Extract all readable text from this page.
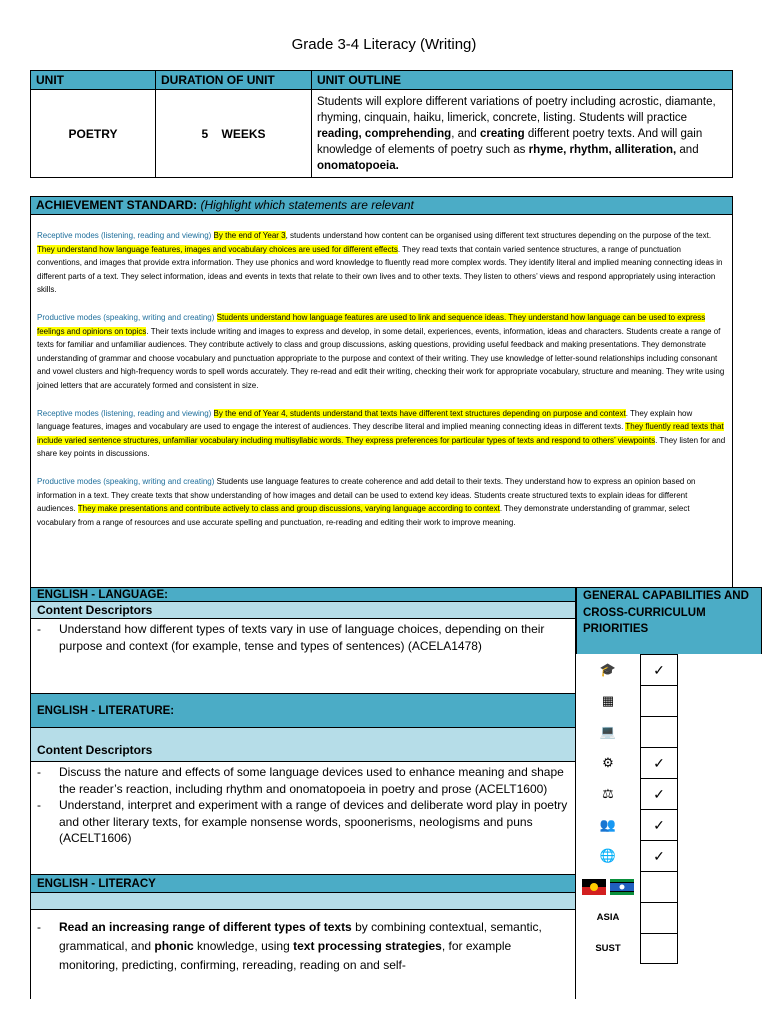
Grade 3-4 Literacy (Writing)
UNIT	DURATION OF UNIT	UNIT OUTLINE
POETRY	5 WEEKS	Students will explore different variations of poetry including acrostic, diamante, rhyming, cinquain, haiku, limerick, concrete, listing. Students will practice reading, comprehending, and creating different poetry texts. And will gain knowledge of elements of poetry such as rhyme, rhythm, alliteration, and onomatopoeia.
ACHIEVEMENT STANDARD: (Highlight which statements are relevant

Receptive modes (listening, reading and viewing) By the end of Year 3, students understand how content can be organised using different text structures depending on the purpose of the text. They understand how language features, images and vocabulary choices are used for different effects. They read texts that contain varied sentence structures, a range of punctuation conventions, and images that provide extra information. They use phonics and word knowledge to fluently read more complex words. They identify literal and implied meaning connecting ideas in different parts of a text. They select information, ideas and events in texts that relate to their own lives and to other texts. They listen to others’ views and respond appropriately using interaction skills.

Productive modes (speaking, writing and creating) Students understand how language features are used to link and sequence ideas. They understand how language can be used to express feelings and opinions on topics. Their texts include writing and images to express and develop, in some detail, experiences, events, information, ideas and characters. Students create a range of texts for familiar and unfamiliar audiences. They contribute actively to class and group discussions, asking questions, providing useful feedback and making presentations. They demonstrate understanding of grammar and choose vocabulary and punctuation appropriate to the purpose and context of their writing. They use knowledge of letter-sound relationships including consonant and vowel clusters and high-frequency words to spell words accurately. They re-read and edit their writing, checking their work for appropriate vocabulary, structure and meaning. They write using joined letters that are accurately formed and consistent in size.

Receptive modes (listening, reading and viewing) By the end of Year 4, students understand that texts have different text structures depending on purpose and context. They explain how language features, images and vocabulary are used to engage the interest of audiences. They describe literal and implied meaning connecting ideas in different texts. They fluently read texts that include varied sentence structures, unfamiliar vocabulary including multisyllabic words. They express preferences for particular types of texts and respond to others’ viewpoints. They listen for and share key points in discussions.

Productive modes (speaking, writing and creating) Students use language features to create coherence and add detail to their texts. They understand how to express an opinion based on information in a text. They create texts that show understanding of how images and detail can be used to extend key ideas. Students create structured texts to explain ideas for different audiences. They make presentations and contribute actively to class and group discussions, varying language according to context. They demonstrate understanding of grammar, select vocabulary from a range of resources and use accurate spelling and punctuation, re-reading and editing their work to improve meaning.

ENGLISH - LANGUAGE:
Content Descriptors
- Understand how different types of texts vary in use of language choices, depending on their purpose and context (for example, tense and types of sentences) (ACELA1478)
ENGLISH - LITERATURE:
Content Descriptors
- Discuss the nature and effects of some language devices used to enhance meaning and shape the reader’s reaction, including rhythm and onomatopoeia in poetry and prose (ACELT1600)
- Understand, interpret and experiment with a range of devices and deliberate word play in poetry and other literary texts, for example nonsense words, spoonerisms, neologisms and puns (ACELT1606)
ENGLISH - LITERACY
- Read an increasing range of different types of texts by combining contextual, semantic, grammatical, and phonic knowledge, using text processing strategies, for example monitoring, predicting, confirming, rereading, reading on and self-
GENERAL CAPABILITIES AND CROSS-CURRICULUM PRIORITIES
🎓	✓
▦
💻
⚙	✓
⚖	✓
👥	✓
🌐	✓
ASIA
SUST
